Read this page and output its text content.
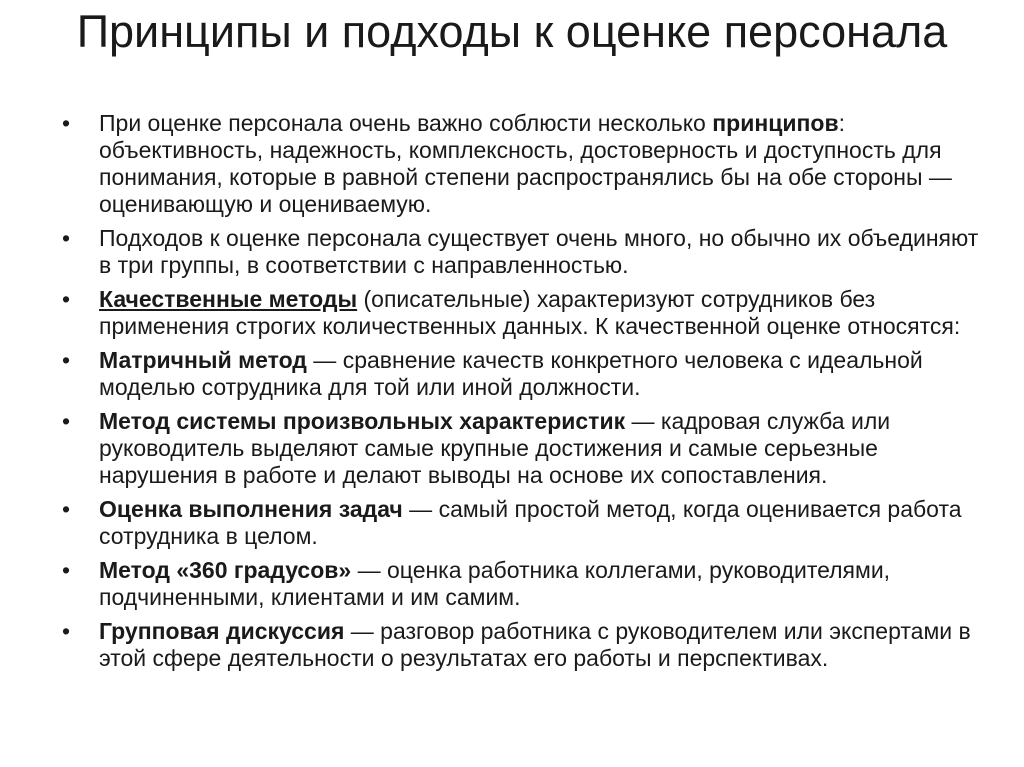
Принципы и подходы к оценке персонала
•	При оценке персонала очень важно соблюсти несколько принципов: объективность, надежность, комплексность, достоверность и доступность для понимания, которые в равной степени распространялись бы на обе стороны — оценивающую и оцениваемую.
•	Подходов к оценке персонала существует очень много, но обычно их объединяют в три группы, в соответствии с направленностью.
•	Качественные методы (описательные) характеризуют сотрудников без применения строгих количественных данных. К качественной оценке относятся:
•	Матричный метод — сравнение качеств конкретного человека с идеальной моделью сотрудника для той или иной должности.
•	Метод системы произвольных характеристик — кадровая служба или руководитель выделяют самые крупные достижения и самые серьезные нарушения в работе и делают выводы на основе их сопоставления.
•	Оценка выполнения задач — самый простой метод, когда оценивается работа сотрудника в целом.
•	Метод «360 градусов» — оценка работника коллегами, руководителями, подчиненными, клиентами и им самим.
•	Групповая дискуссия — разговор работника с руководителем или экспертами в этой сфере деятельности о результатах его работы и перспективах.
